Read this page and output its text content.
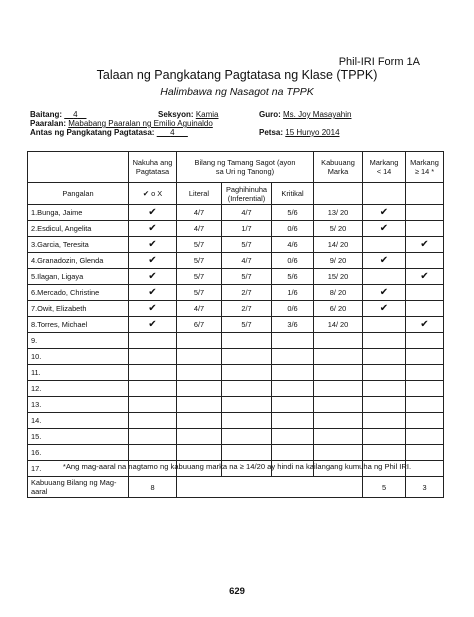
Phil-IRI Form 1A
Talaan ng Pangkatang Pagtatasa ng Klase (TPPK)
Halimbawa ng Nasagot na TPPK
Baitang: 4	Seksyon: Kamia	Guro: Ms. Joy Masayahin
Paaralan: Mababang Paaralan ng Emilio Aguinaldo
Antas ng Pangkatang Pagtatasa: 4	Petsa: 15 Hunyo 2014
	Nakuha ang Pagtatasa	Bilang ng Tamang Sagot (ayon sa Uri ng Tanong)			Kabuuang Marka	Markang < 14	Markang ≥ 14 *
Pangalan	✔ o X	Literal	Paghihinuha (Inferential)	Kritikal			
1.Bunga, Jaime	✔	4/7	4/7	5/6	13/ 20	✔	
2.Esdicul, Angelita	✔	4/7	1/7	0/6	5/ 20	✔	
3.Garcia, Teresita	✔	5/7	5/7	4/6	14/ 20		✔
4.Granadozin, Glenda	✔	5/7	4/7	0/6	9/ 20	✔	
5.Ilagan, Ligaya	✔	5/7	5/7	5/6	15/ 20		✔
6.Mercado, Christine	✔	5/7	2/7	1/6	8/ 20	✔	
7.Owit, Elizabeth	✔	4/7	2/7	0/6	6/ 20	✔	
8.Torres, Michael	✔	6/7	5/7	3/6	14/ 20		✔
9.							
10.							
11.							
12.							
13.							
14.							
15.							
16.							
17.							
Kabuuang Bilang ng Mag-aaral	8					5	3
*Ang mag-aaral na nagtamo ng kabuuang marka na ≥ 14/20 ay hindi na kailangang kumuha ng Phil IRI.
629
